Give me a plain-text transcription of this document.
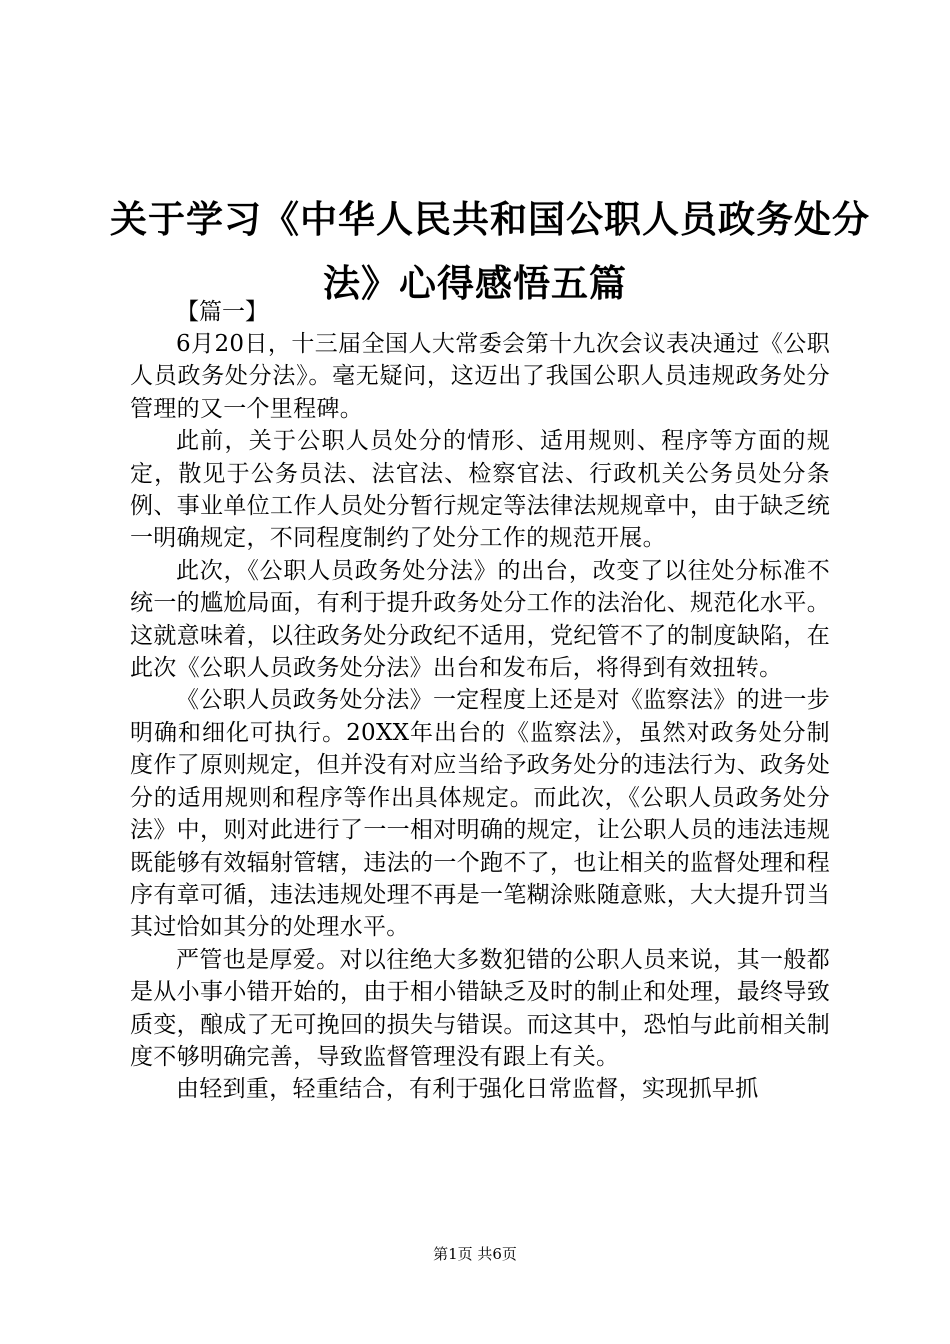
关于学习《中华人民共和国公职人员政务处分
法》心得感悟五篇

【篇一】

6月20日，十三届全国人大常委会第十九次会议表决通过《公职人员政务处分法》。毫无疑问，这迈出了我国公职人员违规政务处分管理的又一个里程碑。

此前，关于公职人员处分的情形、适用规则、程序等方面的规定，散见于公务员法、法官法、检察官法、行政机关公务员处分条例、事业单位工作人员处分暂行规定等法律法规规章中，由于缺乏统一明确规定，不同程度制约了处分工作的规范开展。

此次，《公职人员政务处分法》的出台，改变了以往处分标准不统一的尴尬局面，有利于提升政务处分工作的法治化、规范化水平。这就意味着，以往政务处分政纪不适用，党纪管不了的制度缺陷，在此次《公职人员政务处分法》出台和发布后，将得到有效扭转。

《公职人员政务处分法》一定程度上还是对《监察法》的进一步明确和细化可执行。20XX年出台的《监察法》，虽然对政务处分制度作了原则规定，但并没有对应当给予政务处分的违法行为、政务处分的适用规则和程序等作出具体规定。而此次，《公职人员政务处分法》中，则对此进行了一一相对明确的规定，让公职人员的违法违规既能够有效辐射管辖，违法的一个跑不了，也让相关的监督处理和程序有章可循，违法违规处理不再是一笔糊涂账随意账，大大提升罚当其过恰如其分的处理水平。

严管也是厚爱。对以往绝大多数犯错的公职人员来说，其一般都是从小事小错开始的，由于相小错缺乏及时的制止和处理，最终导致质变，酿成了无可挽回的损失与错误。而这其中，恐怕与此前相关制度不够明确完善，导致监督管理没有跟上有关。

由轻到重，轻重结合，有利于强化日常监督，实现抓早抓

第1页 共6页
